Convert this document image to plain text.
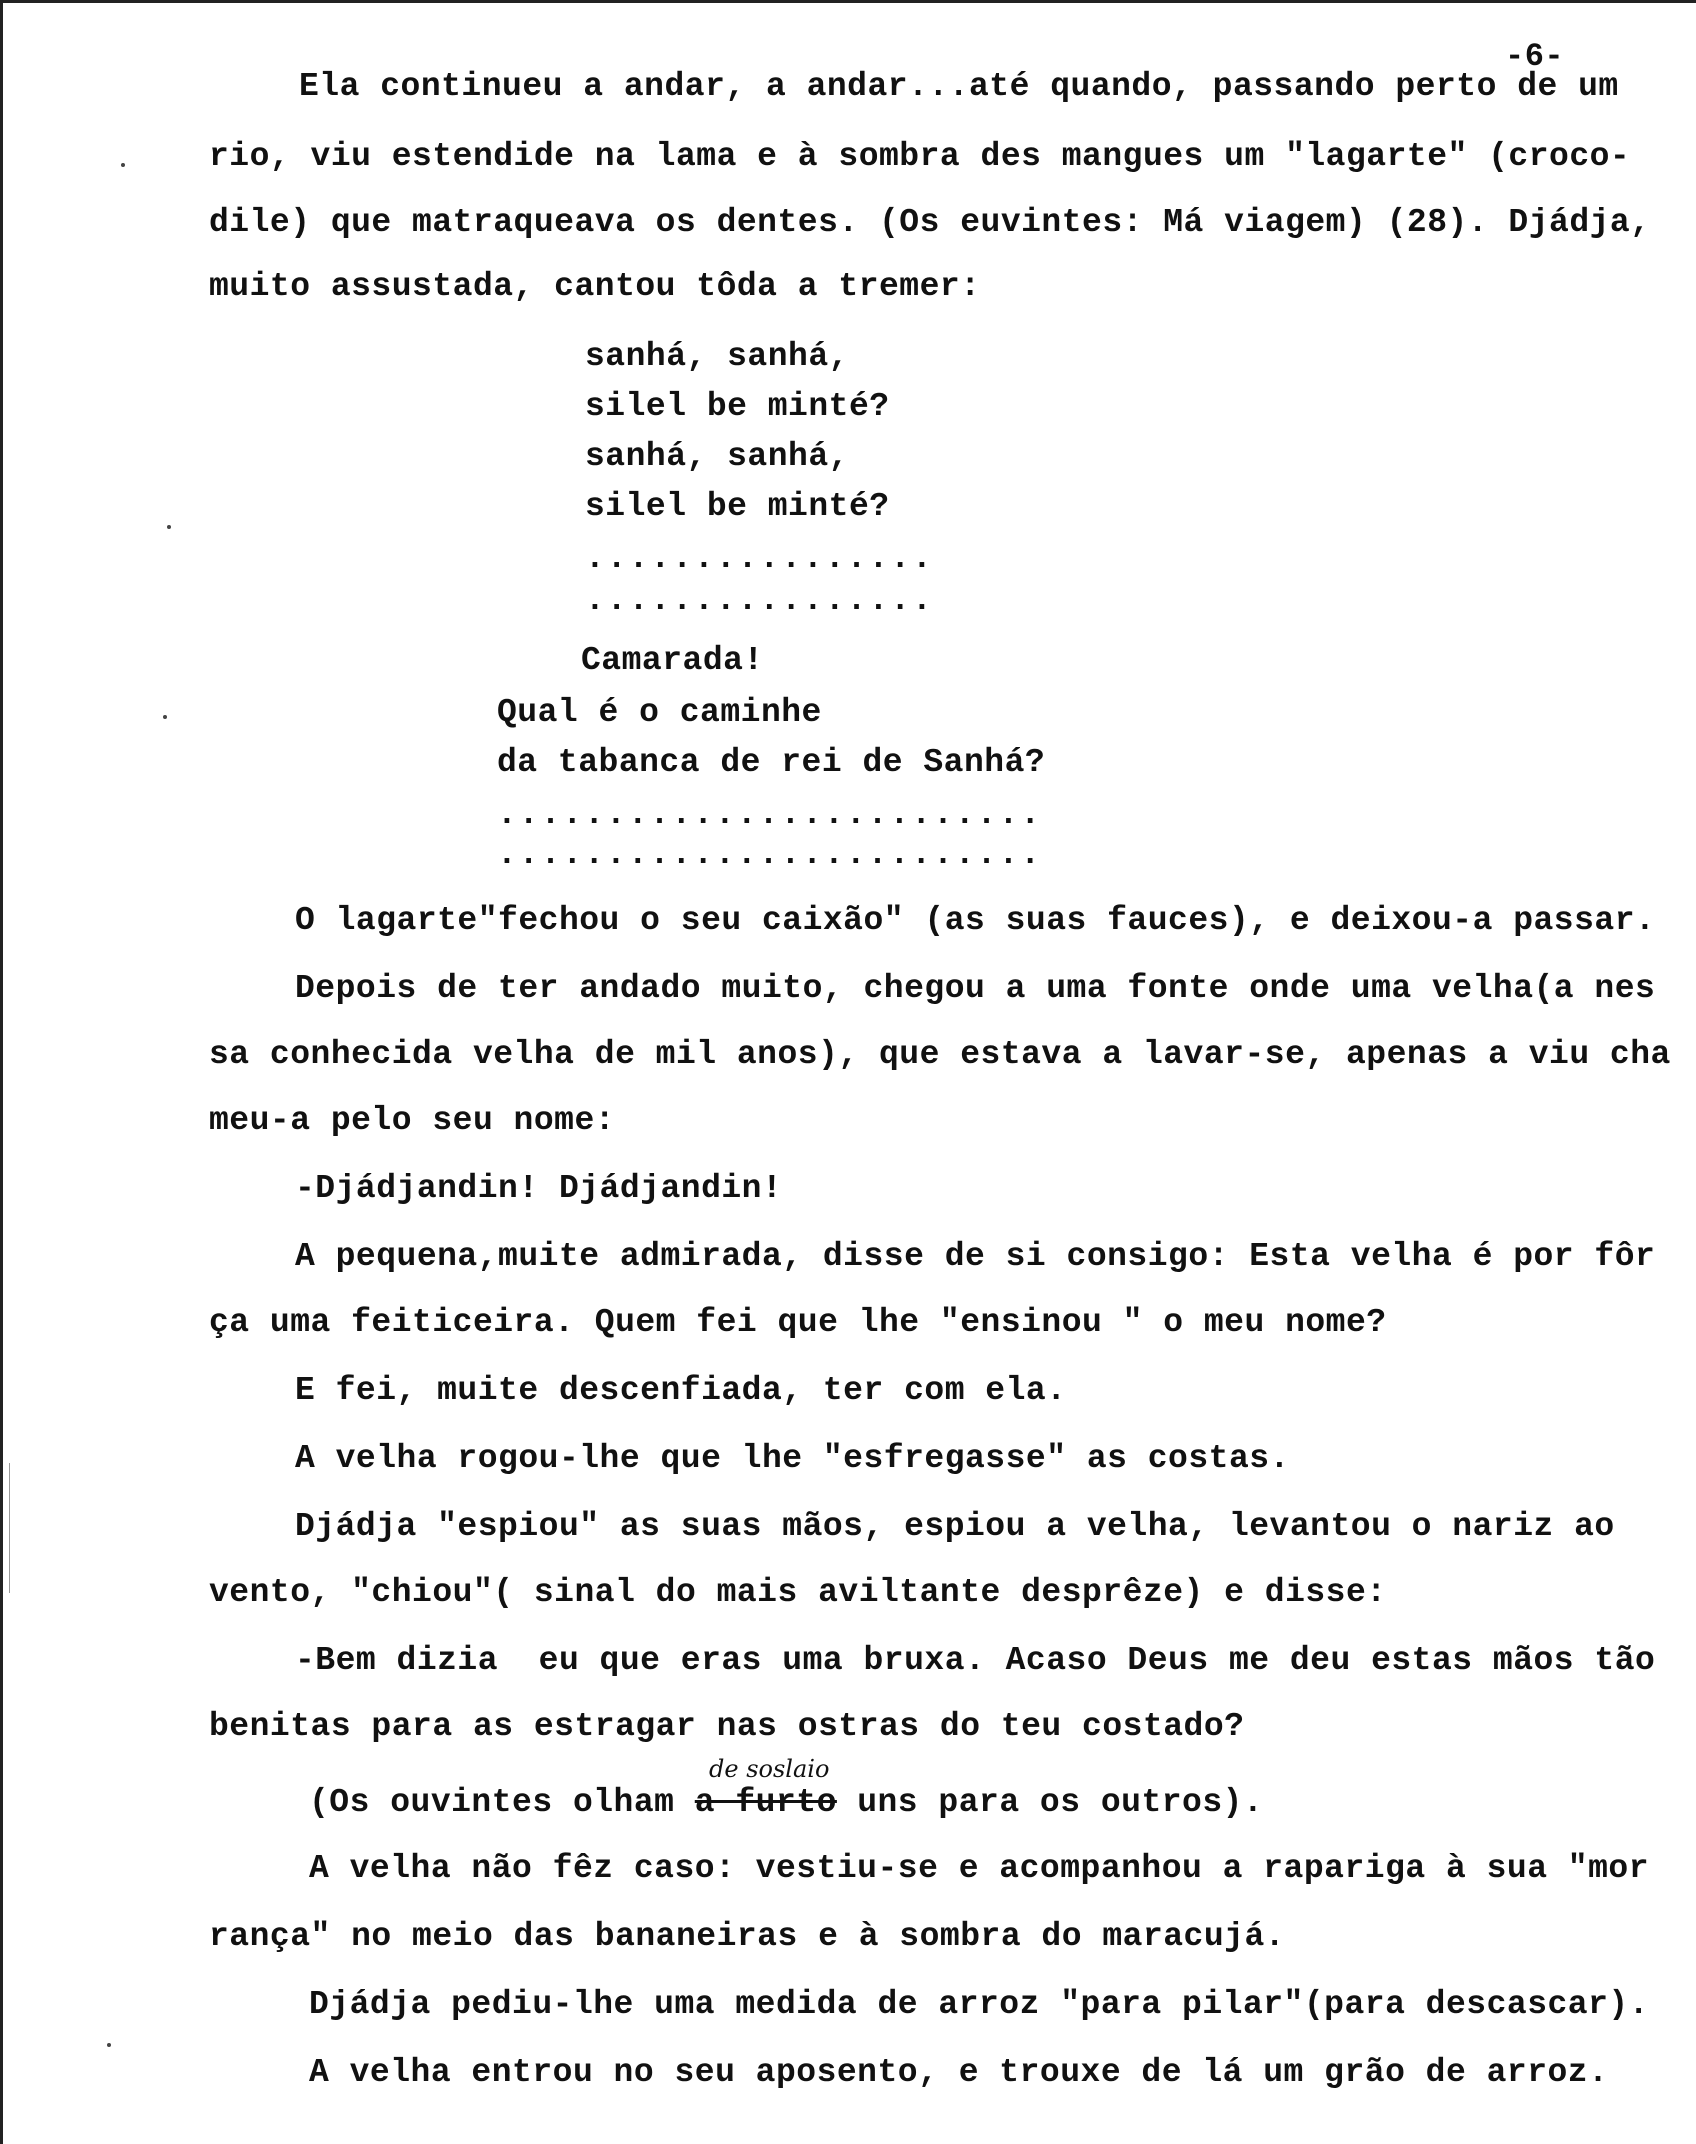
-6-
Ela continueu a andar, a andar...até quando, passando perto de um
rio, viu estendide na lama e à sombra des mangues um "lagarte" (croco-
dile) que matraqueava os dentes. (Os euvintes: Má viagem) (28). Djádja,
muito assustada, cantou tôda a tremer:
sanhá, sanhá,
silel be minté?
sanhá, sanhá,
silel be minté?
................
................
Camarada!
Qual é o caminhe
da tabanca de rei de Sanhá?
.........................
.........................
O lagarte"fechou o seu caixão" (as suas fauces), e deixou-a passar.
Depois de ter andado muito, chegou a uma fonte onde uma velha(a nes
sa conhecida velha de mil anos), que estava a lavar-se, apenas a viu cha
meu-a pelo seu nome:
-Djádjandin! Djádjandin!
A pequena,muite admirada, disse de si consigo: Esta velha é por fôr
ça uma feiticeira. Quem fei que lhe "ensinou " o meu nome?
E fei, muite descenfiada, ter com ela.
A velha rogou-lhe que lhe "esfregasse" as costas.
Djádja "espiou" as suas mãos, espiou a velha, levantou o nariz ao
vento, "chiou"( sinal do mais aviltante desprêze) e disse:
-Bem dizia  eu que eras uma bruxa. Acaso Deus me deu estas mãos tão
benitas para as estragar nas ostras do teu costado?
de soslaio
(Os ouvintes olham a furto uns para os outros).
A velha não fêz caso: vestiu-se e acompanhou a rapariga à sua "mor
rança" no meio das bananeiras e à sombra do maracujá.
Djádja pediu-lhe uma medida de arroz "para pilar"(para descascar).
A velha entrou no seu aposento, e trouxe de lá um grão de arroz.
